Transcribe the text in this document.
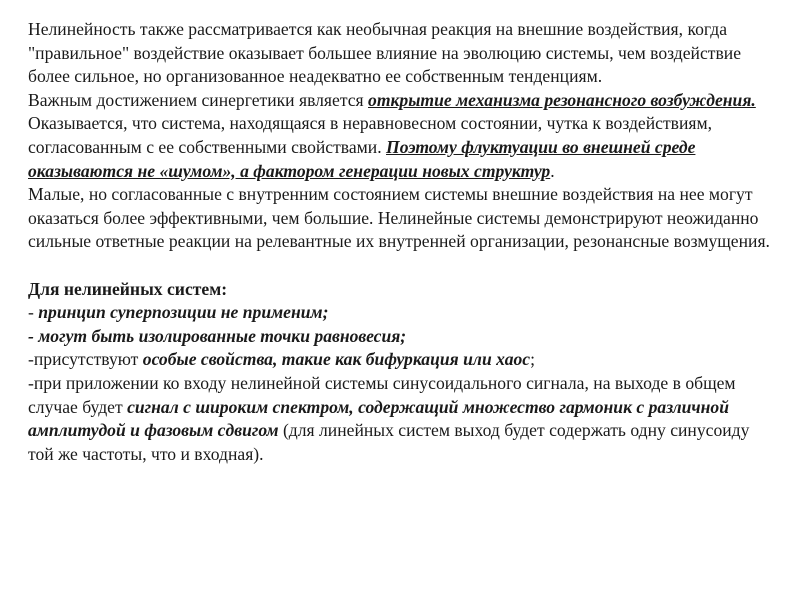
Нелинейность также рассматривается как необычная реакция на внешние воздействия, когда "правильное" воздействие оказывает большее влияние на эволюцию системы, чем воздействие более сильное, но организованное неадекватно ее собственным тенденциям.

Важным достижением синергетики является открытие механизма резонансного возбуждения. Оказывается, что система, находящаяся в неравновесном состоянии, чутка к воздействиям, согласованным с ее собственными свойствами. Поэтому флуктуации во внешней среде оказываются не «шумом», а фактором генерации новых структур.

Малые, но согласованные с внутренним состоянием системы внешние воздействия на нее могут оказаться более эффективными, чем большие. Нелинейные системы демонстрируют неожиданно сильные ответные реакции на релевантные их внутренней организации, резонансные возмущения.

Для нелинейных систем:

- принцип суперпозиции не применим;

- могут быть изолированные точки равновесия;

-присутствуют особые свойства, такие как бифуркация или хаос;

-при приложении ко входу нелинейной системы синусоидального сигнала, на выходе в общем случае будет сигнал с широким спектром, содержащий множество гармоник с различной амплитудой и фазовым сдвигом (для линейных систем выход будет содержать одну синусоиду той же частоты, что и входная).
